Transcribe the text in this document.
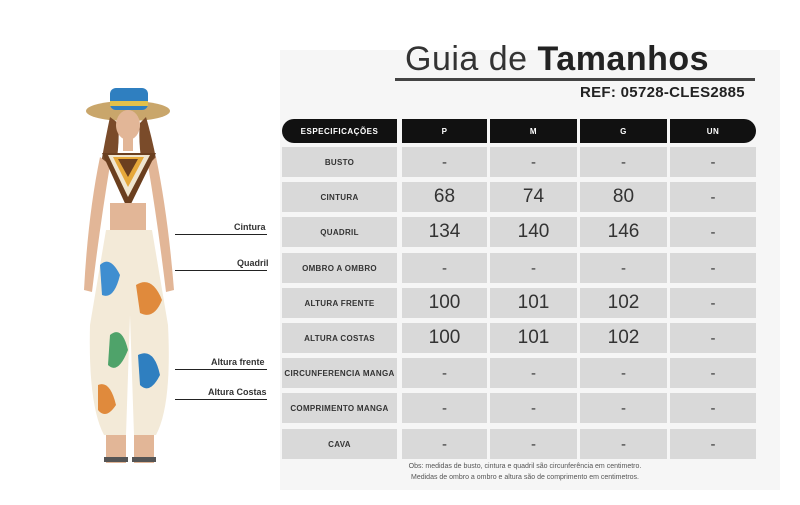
Guia de Tamanhos
REF: 05728-CLES2885
ESPECIFICAÇÕES	P	M	G	UN
BUSTO	-	-	-	-
CINTURA	68	74	80	-
QUADRIL	134	140	146	-
OMBRO A OMBRO	-	-	-	-
ALTURA FRENTE	100	101	102	-
ALTURA COSTAS	100	101	102	-
CIRCUNFERENCIA MANGA	-	-	-	-
COMPRIMENTO MANGA	-	-	-	-
CAVA	-	-	-	-
Obs: medidas de busto, cintura e quadril são circunferência em centimetro.
Medidas de ombro a ombro e altura são de comprimento em centimetros.
Cintura
Quadril
Altura frente
Altura Costas
